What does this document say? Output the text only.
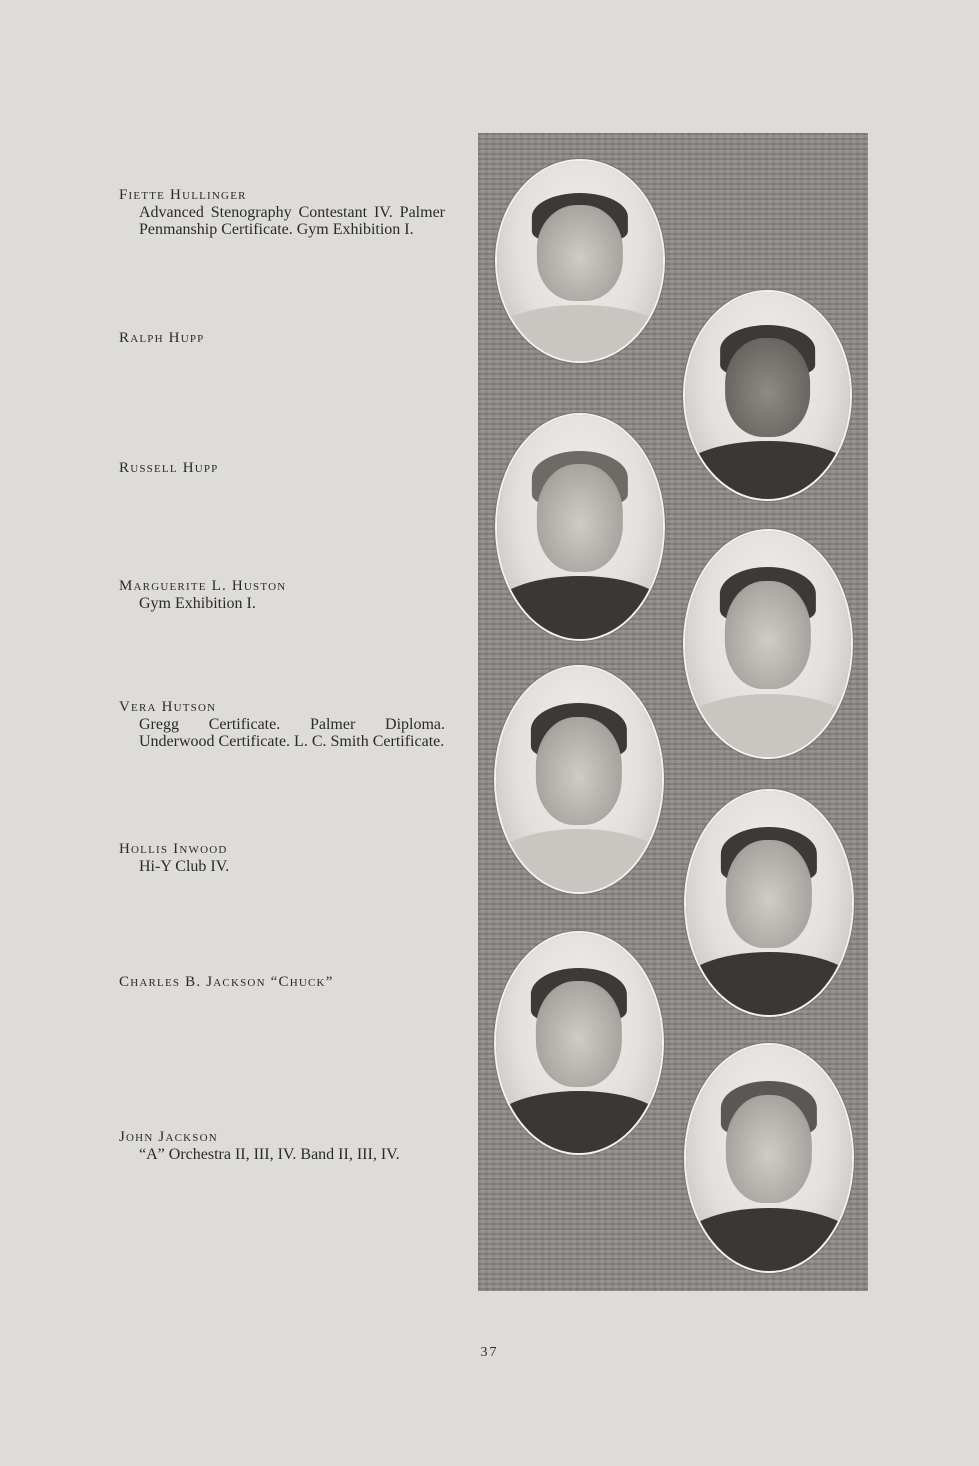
Fiette Hullinger
Advanced Stenography Contestant IV. Palmer Penmanship Certificate. Gym Exhibition I.
Ralph Hupp
Russell Hupp
Marguerite L. Huston
Gym Exhibition I.
Vera Hutson
Gregg Certificate. Palmer Diploma. Underwood Certificate. L. C. Smith Certificate.
Hollis Inwood
Hi-Y Club IV.
Charles B. Jackson “Chuck”
John Jackson
“A” Orchestra II, III, IV. Band II, III, IV.
37
